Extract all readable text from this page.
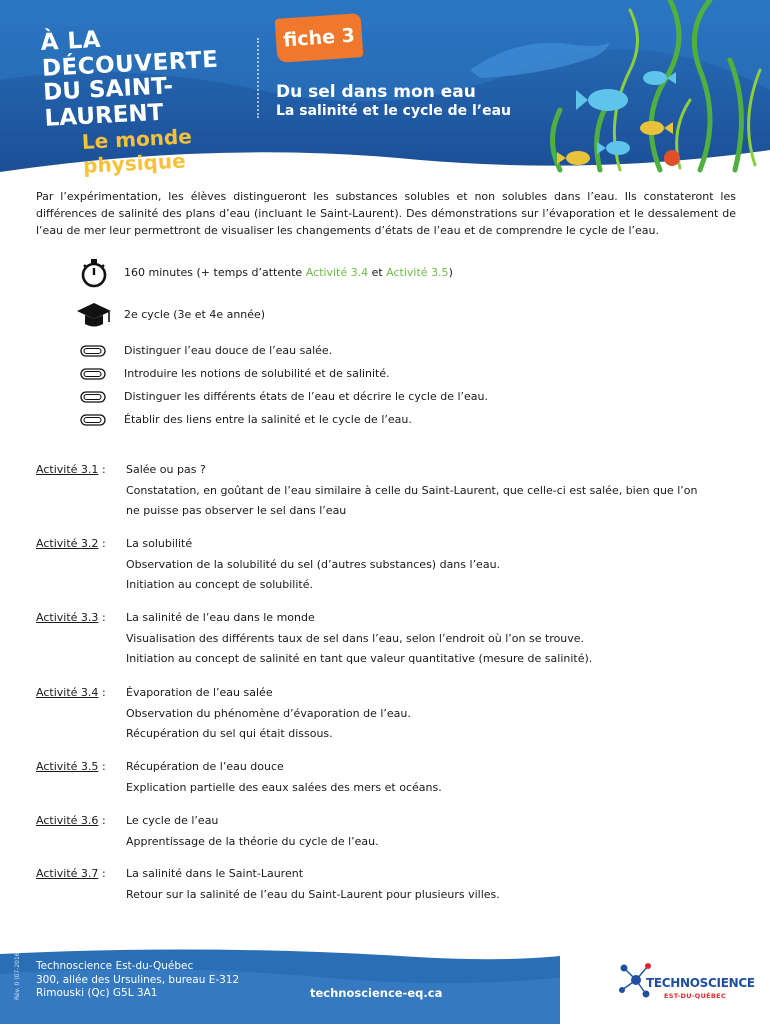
À LA DÉCOUVERTE
DU SAINT-LAURENT
Le monde physique
fiche 3
Du sel dans mon eau
La salinité et le cycle de l’eau

Par l’expérimentation, les élèves distingueront les substances solubles et non solubles dans l’eau. Ils constateront les différences de salinité des plans d’eau (incluant le Saint-Laurent). Des démonstrations sur l’évaporation et le dessalement de l’eau de mer leur permettront de visualiser les changements d’états de l’eau et de comprendre le cycle de l’eau.

160 minutes (+ temps d’attente Activité 3.4 et Activité 3.5)
2e cycle (3e et 4e année)
Distinguer l’eau douce de l’eau salée.
Introduire les notions de solubilité et de salinité.
Distinguer les différents états de l’eau et décrire le cycle de l’eau.
Établir des liens entre la salinité et le cycle de l’eau.
Activité 3.1 : Salée ou pas ?
Constatation, en goûtant de l’eau similaire à celle du Saint-Laurent, que celle-ci est salée, bien que l’on
ne puisse pas observer le sel dans l’eau
Activité 3.2 : La solubilité
Observation de la solubilité du sel (d’autres substances) dans l’eau.
Initiation au concept de solubilité.
Activité 3.3 : La salinité de l’eau dans le monde
Visualisation des différents taux de sel dans l’eau, selon l’endroit où l’on se trouve.
Initiation au concept de salinité en tant que valeur quantitative (mesure de salinité).
Activité 3.4 : Évaporation de l’eau salée
Observation du phénomène d’évaporation de l’eau.
Récupération du sel qui était dissous.
Activité 3.5 : Récupération de l’eau douce
Explication partielle des eaux salées des mers et océans.
Activité 3.6 : Le cycle de l’eau
Apprentissage de la théorie du cycle de l’eau.
Activité 3.7 : La salinité dans le Saint-Laurent
Retour sur la salinité de l’eau du Saint-Laurent pour plusieurs villes.
Rév. 0 (07-2016) Technoscience Est-du-Québec
300, allée des Ursulines, bureau E-312
Rimouski (Qc) G5L 3A1	technoscience-eq.ca
TECHNOSCIENCE
EST-DU-QUÉBEC
